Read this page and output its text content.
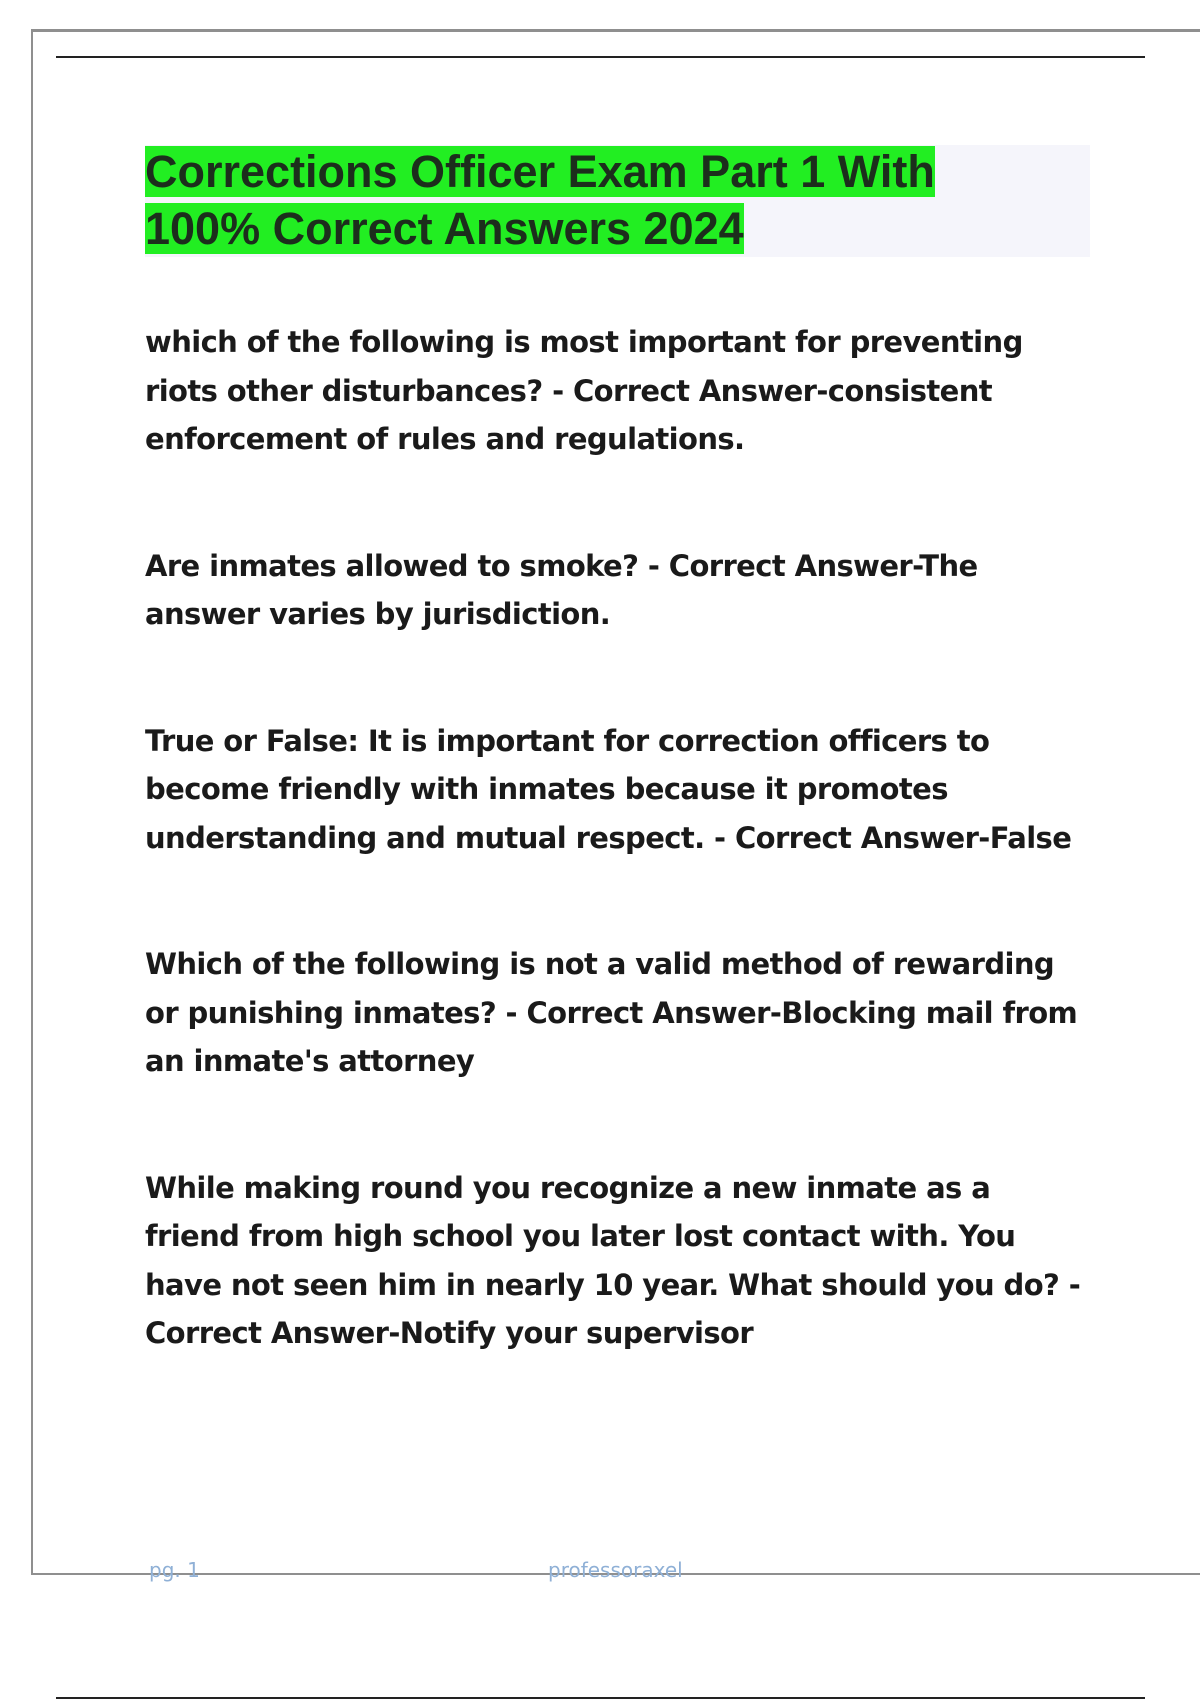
Corrections Officer Exam Part 1 With
100% Correct Answers 2024
which of the following is most important for preventing riots other disturbances? - Correct Answer-consistent enforcement of rules and regulations.
Are inmates allowed to smoke? - Correct Answer-The answer varies by jurisdiction.
True or False: It is important for correction officers to become friendly with inmates because it promotes understanding and mutual respect. - Correct Answer-False
Which of the following is not a valid method of rewarding or punishing inmates? - Correct Answer-Blocking mail from an inmate's attorney
While making round you recognize a new inmate as a friend from high school you later lost contact with. You have not seen him in nearly 10 year. What should you do? - Correct Answer-Notify your supervisor
pg. 1	professoraxel
